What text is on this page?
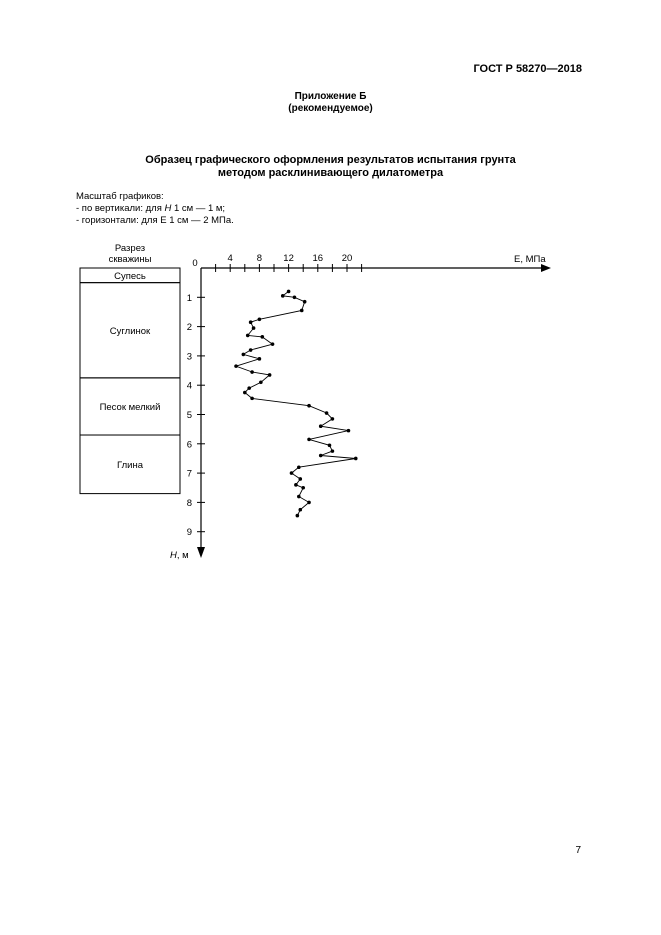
ГОСТ Р 58270—2018
Приложение Б
(рекомендуемое)
Образец графического оформления результатов испытания грунта
методом расклинивающего дилатометра
Масштаб графиков:
- по вертикали: для H 1 см — 1 м;
- горизонтали: для E 1 см — 2 МПа.
Разрез
скважины
Супесь
Суглинок
Песок мелкий
Глина
0	E, МПа
H, м
4	8 12 16 20
1
2
3
4
5
6
7
8
9
7
